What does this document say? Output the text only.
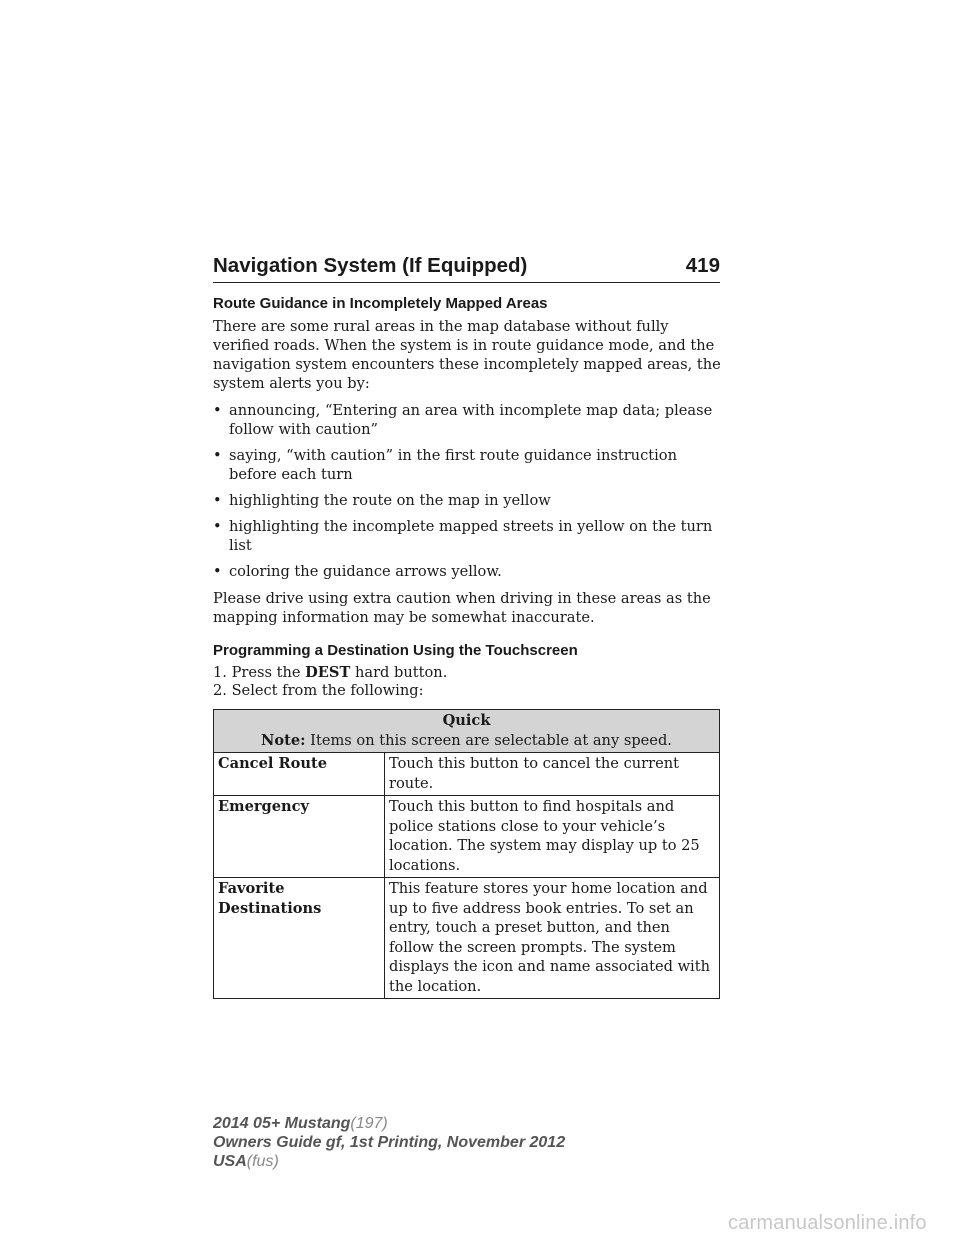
Navigation System (If Equipped)	419
Route Guidance in Incompletely Mapped Areas

There are some rural areas in the map database without fully verified roads. When the system is in route guidance mode, and the navigation system encounters these incompletely mapped areas, the system alerts you by:

• announcing, “Entering an area with incomplete map data; please follow with caution”
• saying, “with caution” in the first route guidance instruction before each turn
• highlighting the route on the map in yellow
• highlighting the incomplete mapped streets in yellow on the turn list
• coloring the guidance arrows yellow.

Please drive using extra caution when driving in these areas as the mapping information may be somewhat inaccurate.

Programming a Destination Using the Touchscreen
1. Press the DEST hard button.
2. Select from the following:
Quick
Note: Items on this screen are selectable at any speed.	
Cancel Route	Touch this button to cancel the current route.
Emergency	Touch this button to find hospitals and police stations close to your vehicle’s location. The system may display up to 25 locations.
Favorite
Destinations	This feature stores your home location and up to five address book entries. To set an entry, touch a preset button, and then follow the screen prompts. The system displays the icon and name associated with the location.
2014 05+ Mustang(197)
Owners Guide gf, 1st Printing, November 2012
USA(fus)
carmanualsonline.info
